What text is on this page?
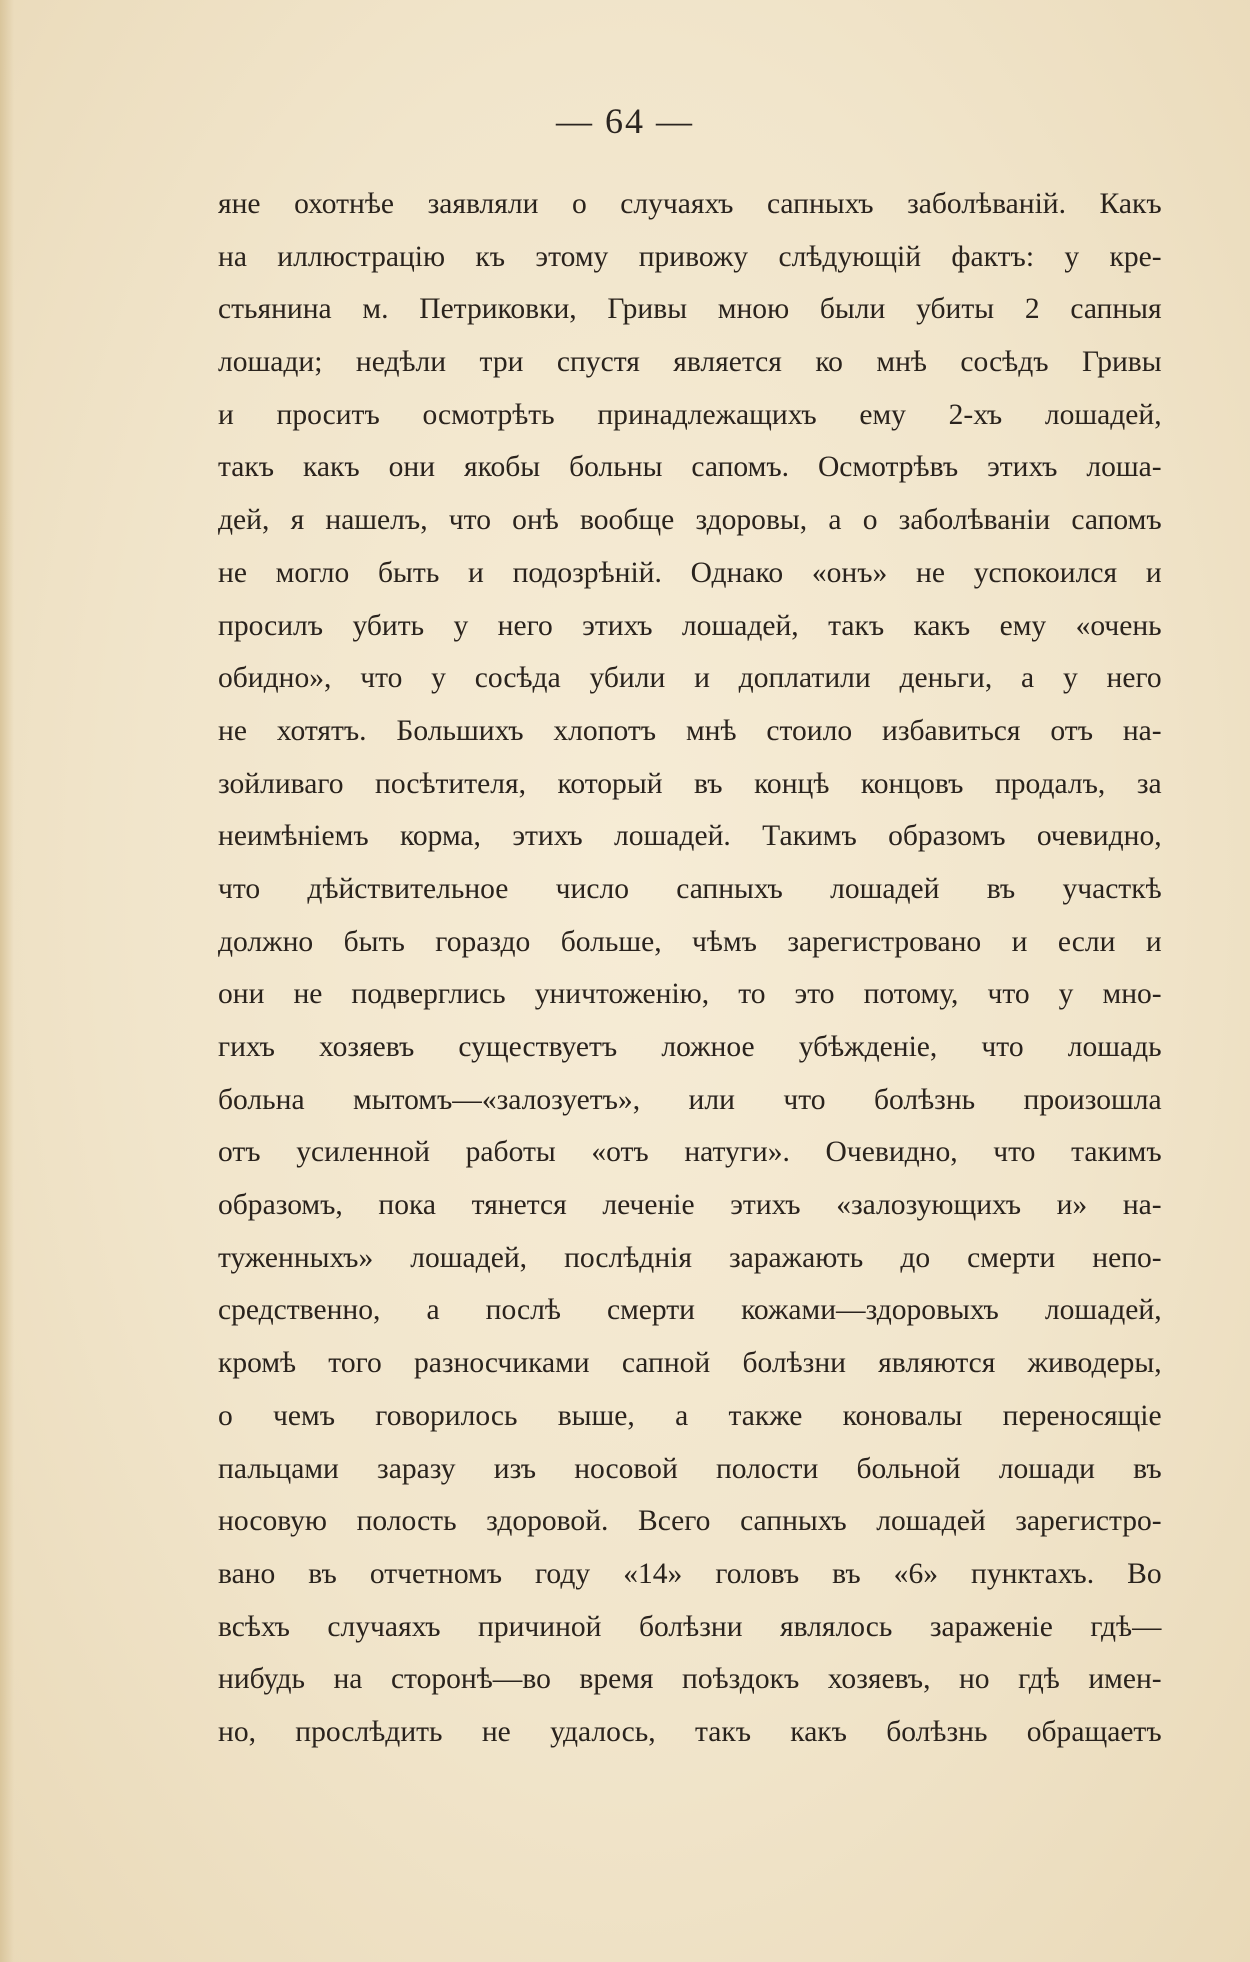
— 64 —
яне охотнѣе заявляли о случаяхъ сапныхъ заболѣваній. Какъ
на иллюстрацію къ этому привожу слѣдующій фактъ: у кре-
стьянина м. Петриковки, Гривы мною были убиты 2 сапныя
лошади; недѣли три спустя является ко мнѣ сосѣдъ Гривы
и проситъ осмотрѣть принадлежащихъ ему 2-хъ лошадей,
такъ какъ они якобы больны сапомъ. Осмотрѣвъ этихъ лоша-
дей, я нашелъ, что онѣ вообще здоровы, а о заболѣваніи сапомъ
не могло быть и подозрѣній. Однако «онъ» не успокоился и
просилъ убить у него этихъ лошадей, такъ какъ ему «очень
обидно», что у сосѣда убили и доплатили деньги, а у него
не хотятъ. Большихъ хлопотъ мнѣ стоило избавиться отъ на-
зойливаго посѣтителя, который въ концѣ концовъ продалъ, за
неимѣніемъ корма, этихъ лошадей. Такимъ образомъ очевидно,
что дѣйствительное число сапныхъ лошадей въ участкѣ
должно быть гораздо больше, чѣмъ зарегистровано и если и
они не подверглись уничтоженію, то это потому, что у мно-
гихъ хозяевъ существуетъ ложное убѣжденіе, что лошадь
больна мытомъ—«залозуетъ», или что болѣзнь произошла
отъ усиленной работы «отъ натуги». Очевидно, что такимъ
образомъ, пока тянется леченіе этихъ «залозующихъ и» на-
туженныхъ» лошадей, послѣднія заражають до смерти непо-
средственно, а послѣ смерти кожами—здоровыхъ лошадей,
кромѣ того разносчиками сапной болѣзни являются живодеры,
о чемъ говорилось выше, а также коновалы переносящіе
пальцами заразу изъ носовой полости больной лошади въ
носовую полость здоровой. Всего сапныхъ лошадей зарегистро-
вано въ отчетномъ году «14» головъ въ «6» пунктахъ. Во
всѣхъ случаяхъ причиной болѣзни являлось зараженіе гдѣ—
нибудь на сторонѣ—во время поѣздокъ хозяевъ, но гдѣ имен-
но, прослѣдить не удалось, такъ какъ болѣзнь обращаетъ
